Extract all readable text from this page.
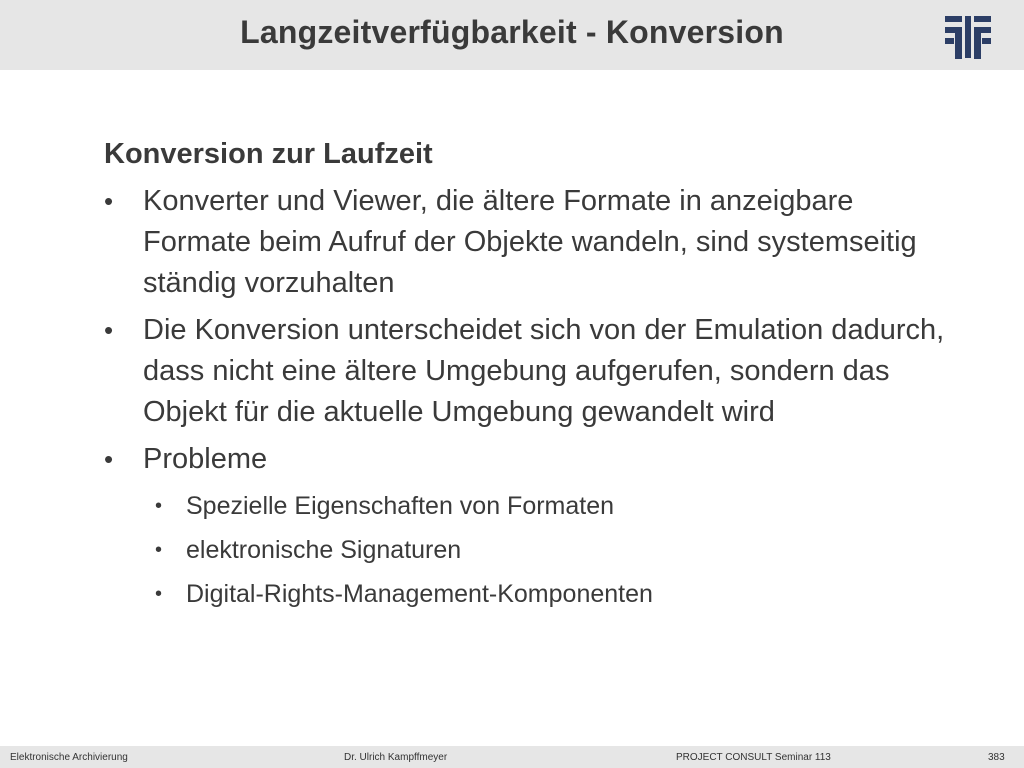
Langzeitverfügbarkeit - Konversion
Konversion zur Laufzeit
• Konverter und Viewer, die ältere Formate in anzeigbare Formate beim Aufruf der Objekte wandeln, sind systemseitig ständig vorzuhalten
• Die Konversion unterscheidet sich von der Emulation dadurch, dass nicht eine ältere Umgebung aufgerufen, sondern das Objekt für die aktuelle Umgebung gewandelt wird
• Probleme
• Spezielle Eigenschaften von Formaten
• elektronische Signaturen
• Digital-Rights-Management-Komponenten
Elektronische Archivierung	Dr. Ulrich Kampffmeyer	PROJECT CONSULT Seminar 113	383
